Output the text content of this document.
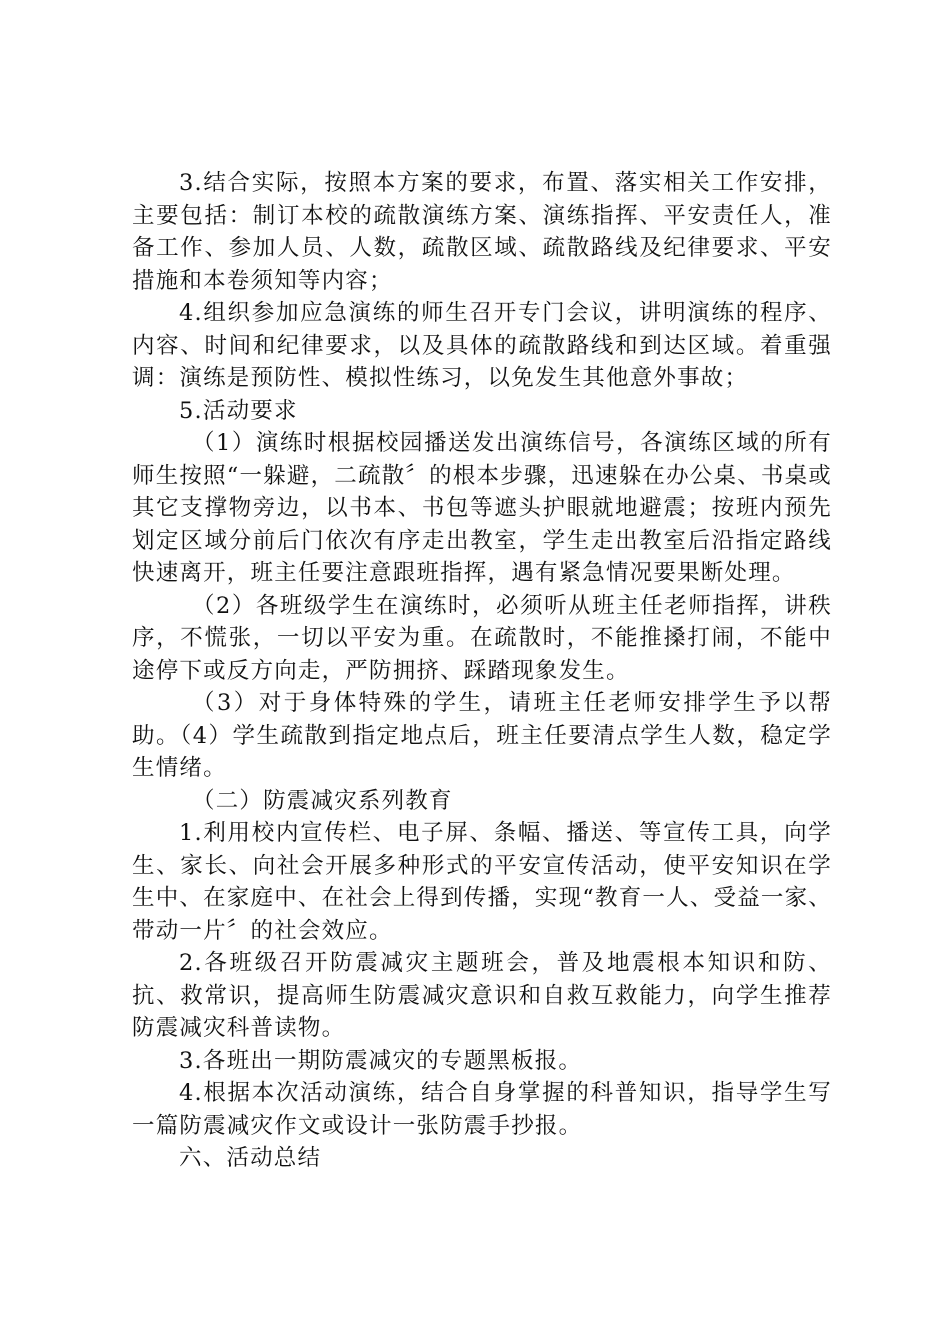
3.结合实际，按照本方案的要求，布置、落实相关工作安排，主要包括：制订本校的疏散演练方案、演练指挥、平安责任人，准备工作、参加人员、人数，疏散区域、疏散路线及纪律要求、平安措施和本卷须知等内容；

4.组织参加应急演练的师生召开专门会议，讲明演练的程序、内容、时间和纪律要求，以及具体的疏散路线和到达区域。着重强调：演练是预防性、模拟性练习，以免发生其他意外事故；

5.活动要求

（1）演练时根据校园播送发出演练信号，各演练区域的所有师生按照“一躲避，二疏散〞的根本步骤，迅速躲在办公桌、书桌或其它支撑物旁边，以书本、书包等遮头护眼就地避震；按班内预先划定区域分前后门依次有序走出教室，学生走出教室后沿指定路线快速离开，班主任要注意跟班指挥，遇有紧急情况要果断处理。

（2）各班级学生在演练时，必须听从班主任老师指挥，讲秩序，不慌张，一切以平安为重。在疏散时，不能推搡打闹，不能中途停下或反方向走，严防拥挤、踩踏现象发生。

（3）对于身体特殊的学生，请班主任老师安排学生予以帮助。（4）学生疏散到指定地点后，班主任要清点学生人数，稳定学生情绪。

（二）防震减灾系列教育

1.利用校内宣传栏、电子屏、条幅、播送、等宣传工具，向学生、家长、向社会开展多种形式的平安宣传活动，使平安知识在学生中、在家庭中、在社会上得到传播，实现“教育一人、受益一家、带动一片〞的社会效应。

2.各班级召开防震减灾主题班会，普及地震根本知识和防、抗、救常识，提高师生防震减灾意识和自救互救能力，向学生推荐防震减灾科普读物。

3.各班出一期防震减灾的专题黑板报。

4.根据本次活动演练，结合自身掌握的科普知识，指导学生写一篇防震减灾作文或设计一张防震手抄报。

六、活动总结
